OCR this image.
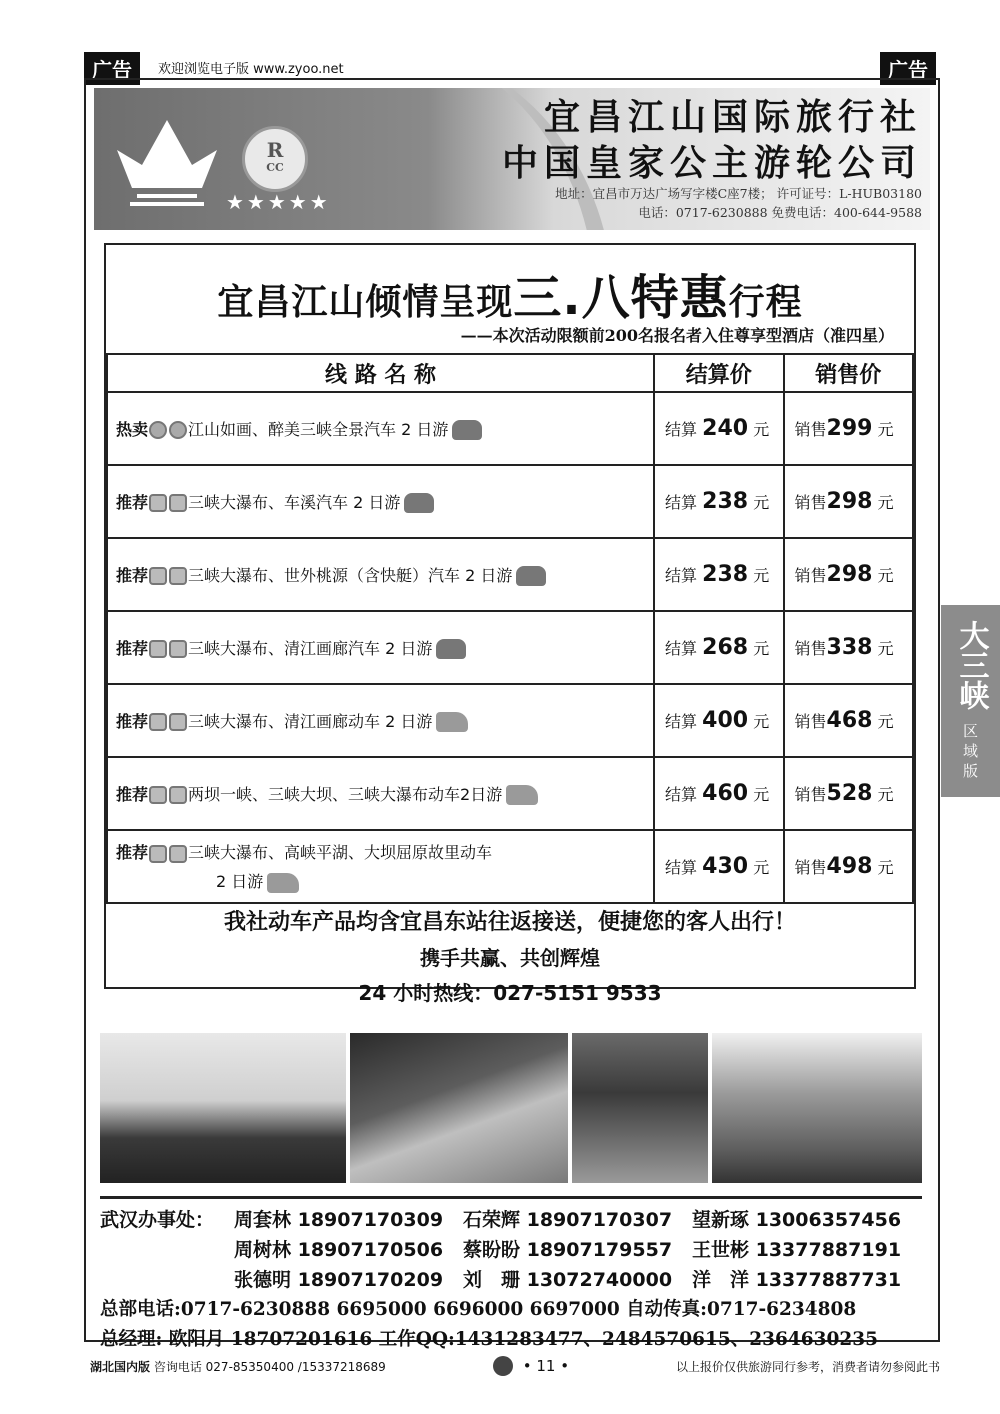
广告	欢迎浏览电子版 www.zyoo.net	广告
R
CC
★★★★★
宜昌江山国际旅行社
中国皇家公主游轮公司
地址：宜昌市万达广场写字楼C座7楼； 许可证号：L-HUB03180
电话：0717-6230888 免费电话：400-644-9588
宜昌江山倾情呈现三.八特惠行程
——本次活动限额前200名报名者入住尊享型酒店（准四星）
线 路 名 称	结算价	销售价
热卖 江山如画、醉美三峡全景汽车 2 日游	结算 240 元	销售299 元
推荐 三峡大瀑布、车溪汽车 2 日游	结算 238 元	销售298 元
推荐 三峡大瀑布、世外桃源（含快艇）汽车 2 日游	结算 238 元	销售298 元
推荐 三峡大瀑布、清江画廊汽车 2 日游	结算 268 元	销售338 元
推荐 三峡大瀑布、清江画廊动车 2 日游	结算 400 元	销售468 元
推荐 两坝一峡、三峡大坝、三峡大瀑布动车2日游	结算 460 元	销售528 元
推荐 三峡大瀑布、高峡平湖、大坝屈原故里动车
2 日游	结算 430 元	销售498 元
我社动车产品均含宜昌东站往返接送，便捷您的客人出行！
携手共赢、共创辉煌
24 小时热线：027-5151 9533
武汉办事处：	周套林 18907170309	石荣辉 18907170307	望新琢 13006357456
周树林 18907170506	蔡盼盼 18907179557	王世彬 13377887191
张德明 18907170209	刘　珊 13072740000	洋　洋 13377887731
总部电话:0717-6230888 6695000 6696000 6697000 自动传真:0717-6234808
总经理: 欧阳月 18707201616 工作QQ:1431283477、2484570615、2364630235
湖北国内版 咨询电话 027-85350400 /15337218689	• 11 •	以上报价仅供旅游同行参考，消费者请勿参阅此书
大三峡
区
域
版
